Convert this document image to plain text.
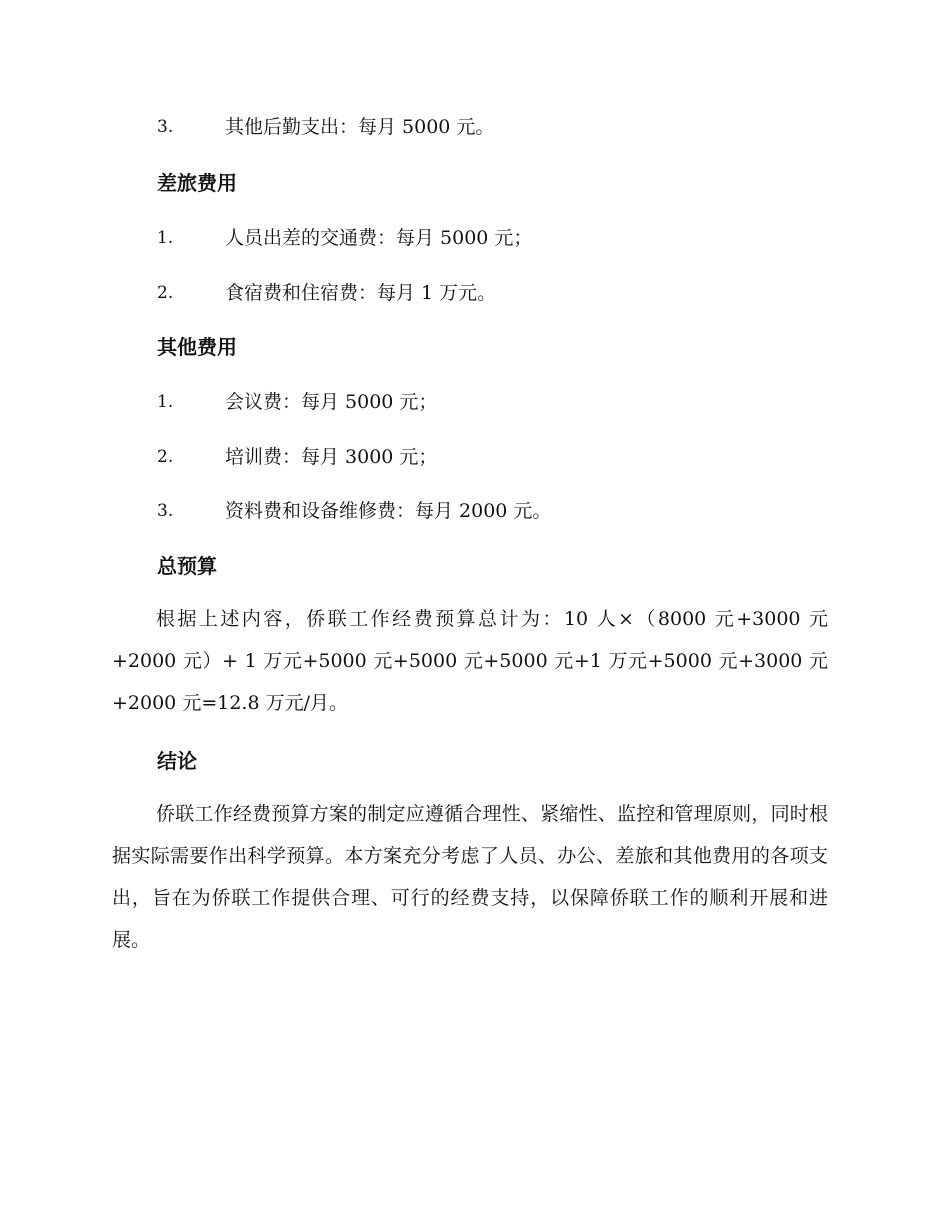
3.	其他后勤支出：每月 5000 元。
差旅费用
1.	人员出差的交通费：每月 5000 元；
2.	食宿费和住宿费：每月 1 万元。
其他费用
1.	会议费：每月 5000 元；
2.	培训费：每月 3000 元；
3.	资料费和设备维修费：每月 2000 元。
总预算
根据上述内容，侨联工作经费预算总计为：10 人×（8000 元+3000 元+2000 元）+ 1 万元+5000 元+5000 元+5000 元+1 万元+5000 元+3000 元+2000 元=12.8 万元/月。
结论
侨联工作经费预算方案的制定应遵循合理性、紧缩性、监控和管理原则，同时根据实际需要作出科学预算。本方案充分考虑了人员、办公、差旅和其他费用的各项支出，旨在为侨联工作提供合理、可行的经费支持，以保障侨联工作的顺利开展和进展。
